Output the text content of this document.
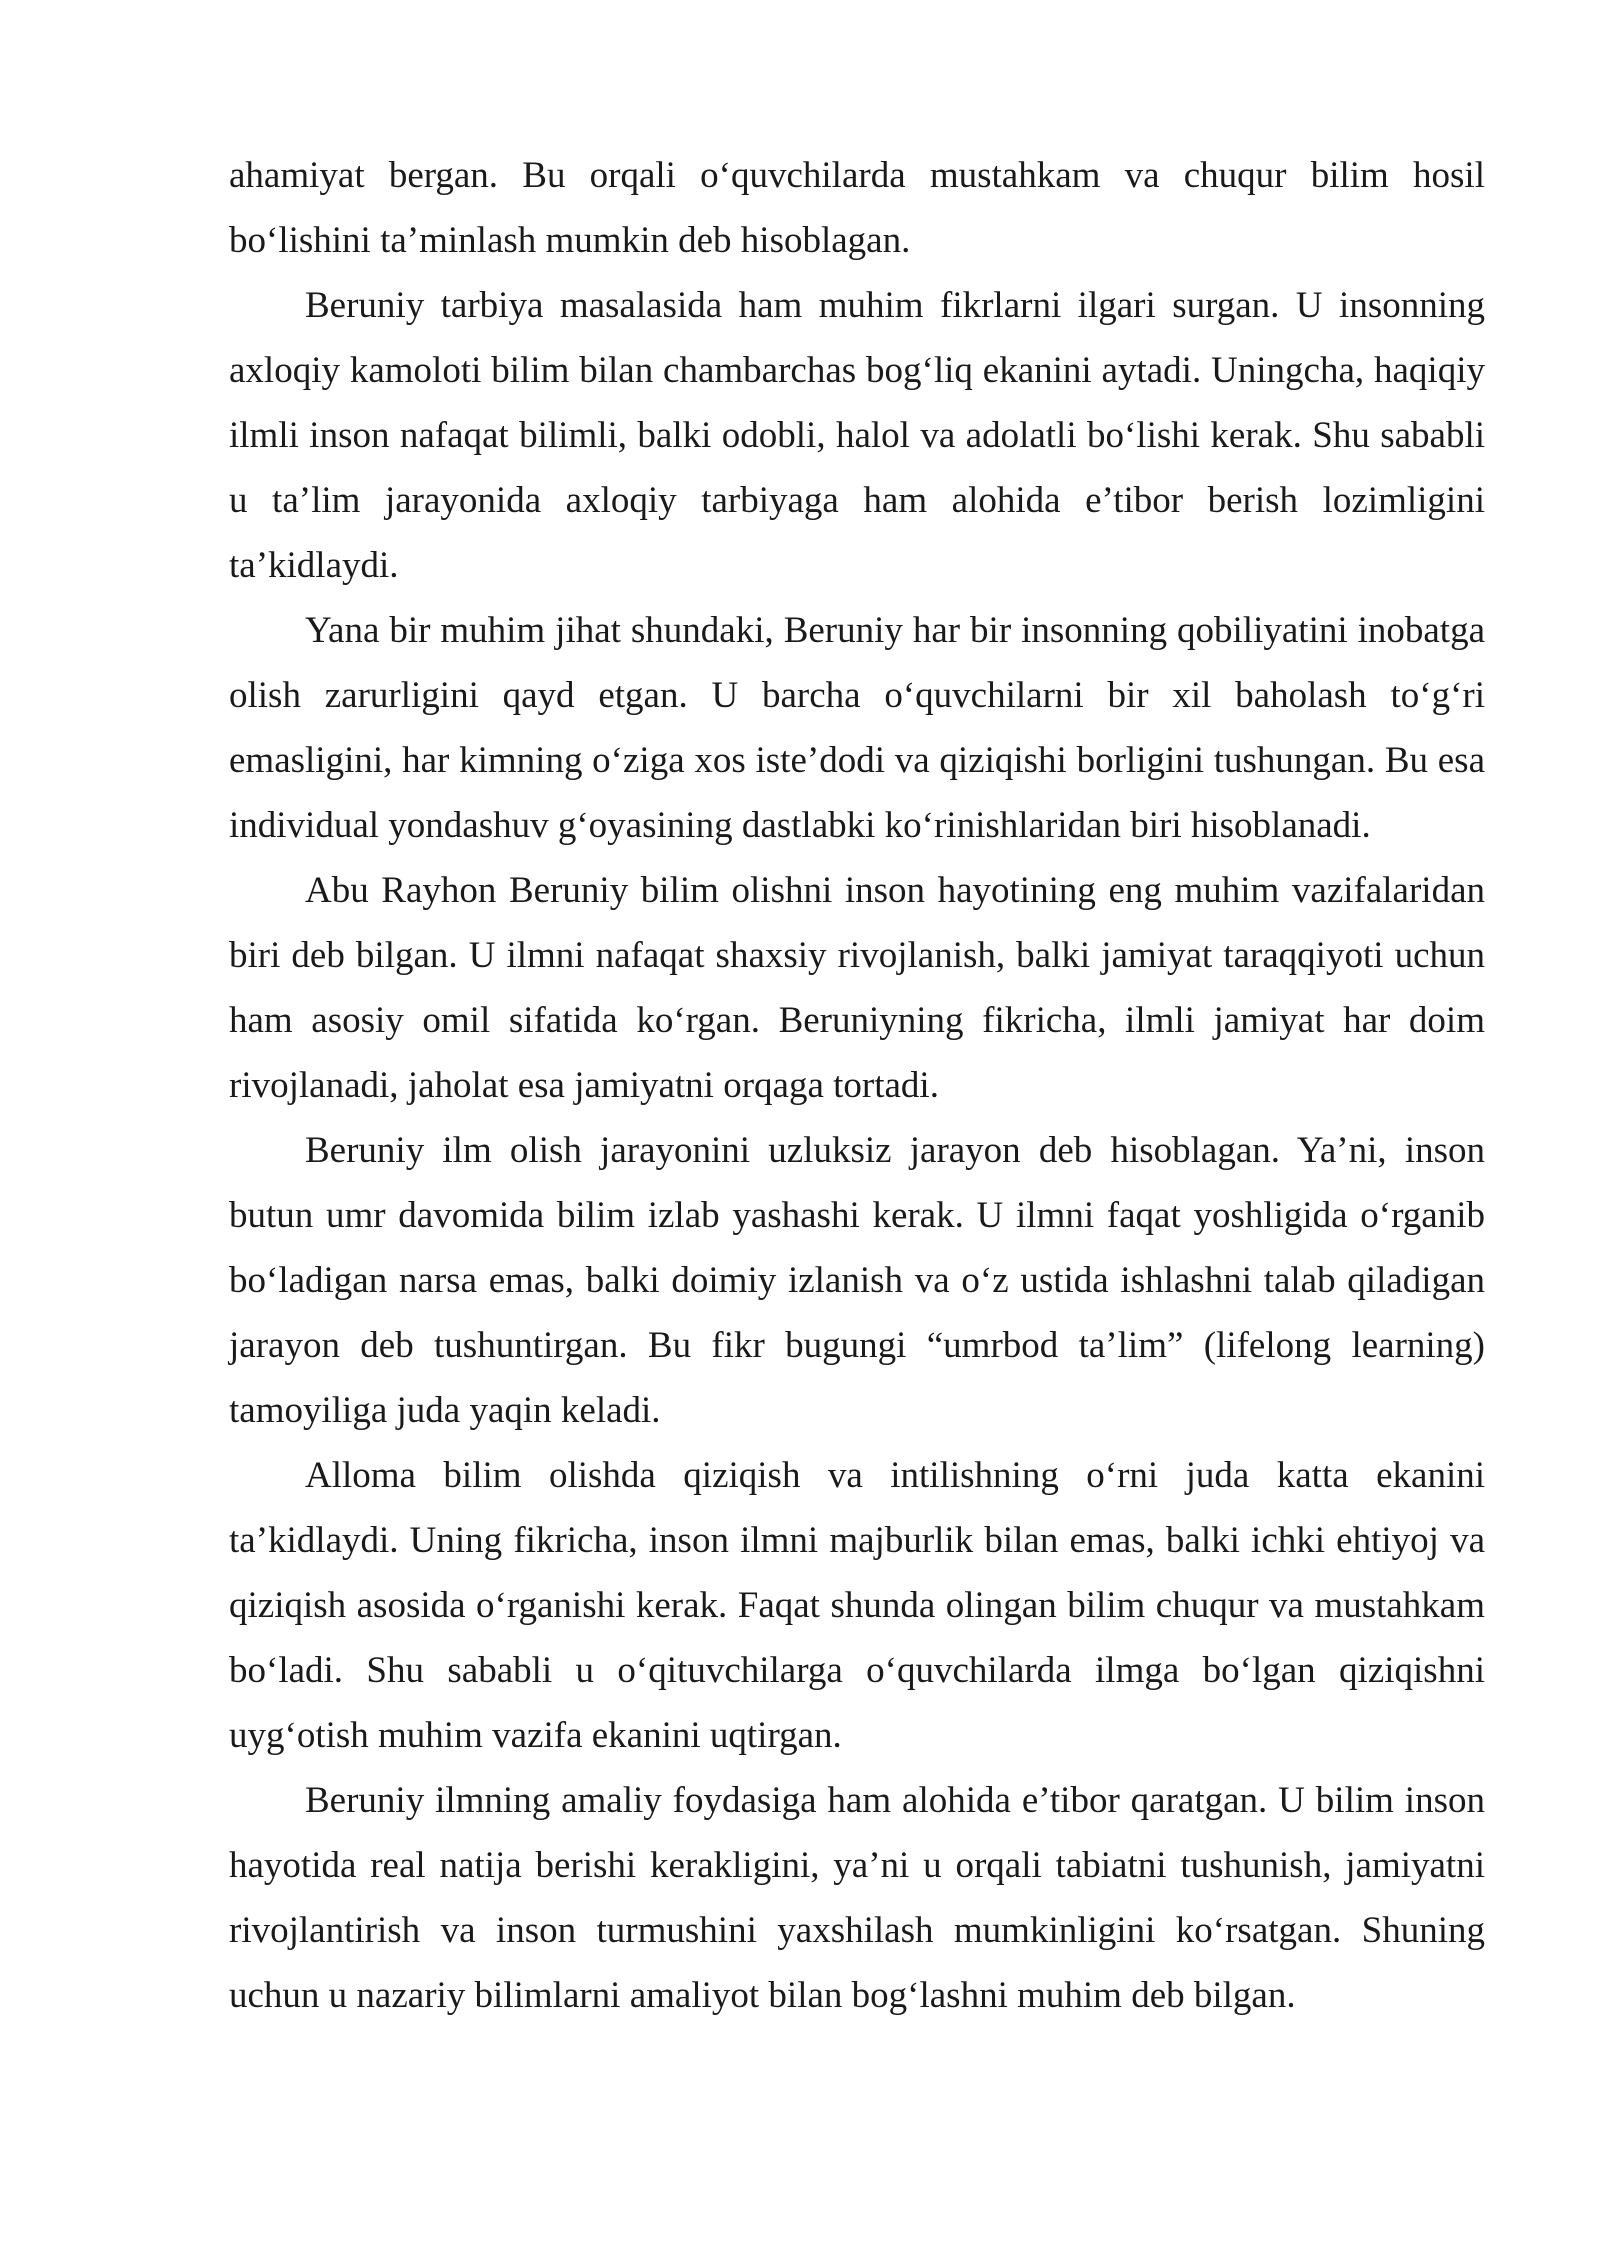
ahamiyat bergan. Bu orqali o‘quvchilarda mustahkam va chuqur bilim hosil bo‘lishini ta’minlash mumkin deb hisoblagan.

Beruniy tarbiya masalasida ham muhim fikrlarni ilgari surgan. U insonning axloqiy kamoloti bilim bilan chambarchas bog‘liq ekanini aytadi. Uningcha, haqiqiy ilmli inson nafaqat bilimli, balki odobli, halol va adolatli bo‘lishi kerak. Shu sababli u ta’lim jarayonida axloqiy tarbiyaga ham alohida e’tibor berish lozimligini ta’kidlaydi.

Yana bir muhim jihat shundaki, Beruniy har bir insonning qobiliyatini inobatga olish zarurligini qayd etgan. U barcha o‘quvchilarni bir xil baholash to‘g‘ri emasligini, har kimning o‘ziga xos iste’dodi va qiziqishi borligini tushungan. Bu esa individual yondashuv g‘oyasining dastlabki ko‘rinishlaridan biri hisoblanadi.

Abu Rayhon Beruniy bilim olishni inson hayotining eng muhim vazifalaridan biri deb bilgan. U ilmni nafaqat shaxsiy rivojlanish, balki jamiyat taraqqiyoti uchun ham asosiy omil sifatida ko‘rgan. Beruniyning fikricha, ilmli jamiyat har doim rivojlanadi, jaholat esa jamiyatni orqaga tortadi.

Beruniy ilm olish jarayonini uzluksiz jarayon deb hisoblagan. Ya’ni, inson butun umr davomida bilim izlab yashashi kerak. U ilmni faqat yoshligida o‘rganib bo‘ladigan narsa emas, balki doimiy izlanish va o‘z ustida ishlashni talab qiladigan jarayon deb tushuntirgan. Bu fikr bugungi “umrbod ta’lim” (lifelong learning) tamoyiliga juda yaqin keladi.

Alloma bilim olishda qiziqish va intilishning o‘rni juda katta ekanini ta’kidlaydi. Uning fikricha, inson ilmni majburlik bilan emas, balki ichki ehtiyoj va qiziqish asosida o‘rganishi kerak. Faqat shunda olingan bilim chuqur va mustahkam bo‘ladi. Shu sababli u o‘qituvchilarga o‘quvchilarda ilmga bo‘lgan qiziqishni uyg‘otish muhim vazifa ekanini uqtirgan.

Beruniy ilmning amaliy foydasiga ham alohida e’tibor qaratgan. U bilim inson hayotida real natija berishi kerakligini, ya’ni u orqali tabiatni tushunish, jamiyatni rivojlantirish va inson turmushini yaxshilash mumkinligini ko‘rsatgan. Shuning uchun u nazariy bilimlarni amaliyot bilan bog‘lashni muhim deb bilgan.
